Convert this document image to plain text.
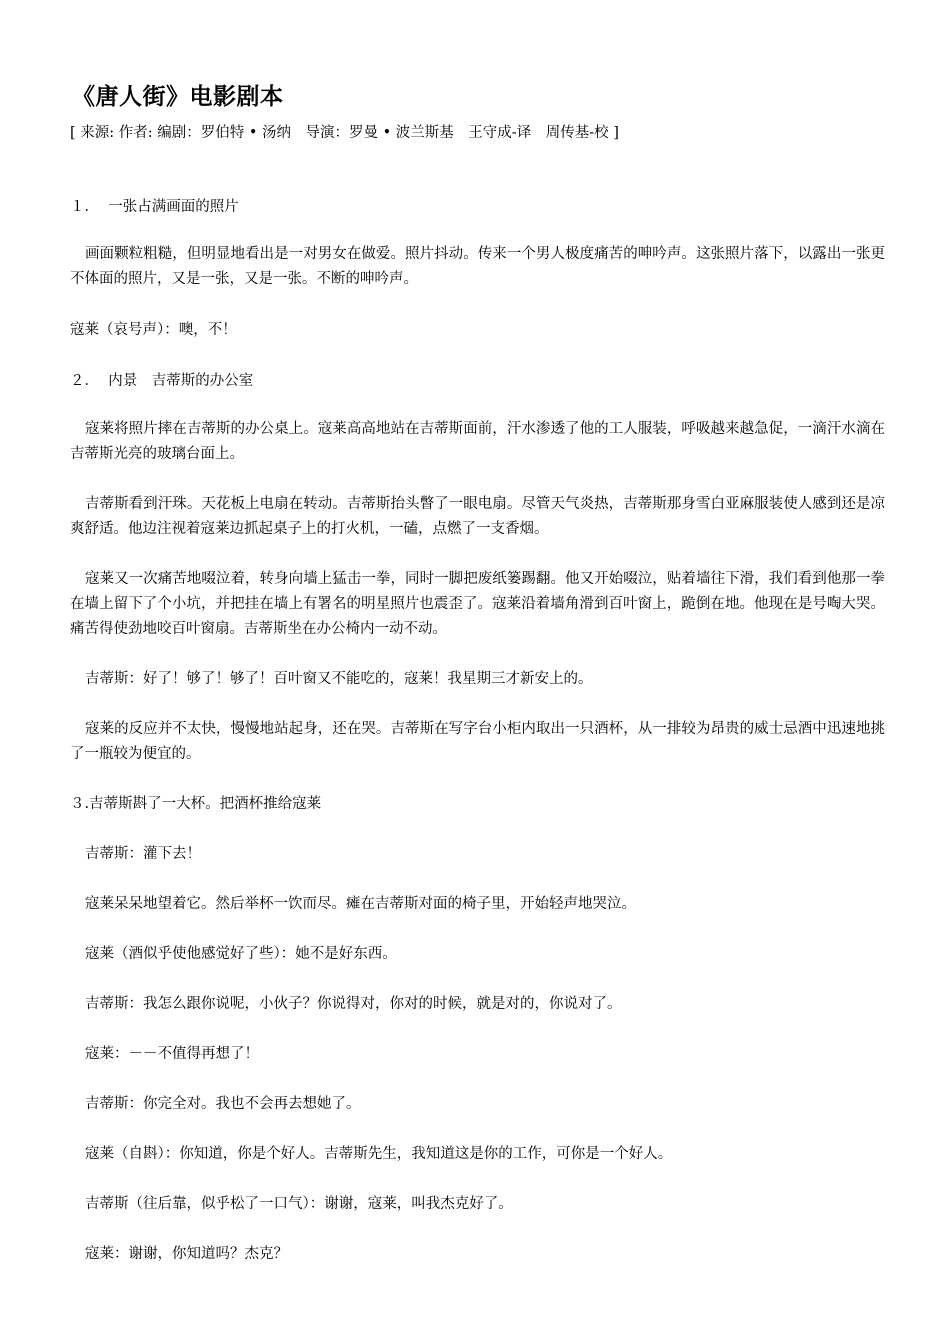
《唐人街》电影剧本
[ 来源: 作者: 编剧：罗伯特 • 汤纳　导演：罗曼 • 波兰斯基　王守成-译　周传基-校 ]
１．  一张占满画面的照片
画面颗粒粗糙，但明显地看出是一对男女在做爱。照片抖动。传来一个男人极度痛苦的呻吟声。这张照片落下，以露出一张更不体面的照片，又是一张，又是一张。不断的呻吟声。
寇莱（哀号声）：噢，不！
２．  内景　吉蒂斯的办公室
寇莱将照片摔在吉蒂斯的办公桌上。寇莱高高地站在吉蒂斯面前，汗水渗透了他的工人服装，呼吸越来越急促，一滴汗水滴在吉蒂斯光亮的玻璃台面上。
吉蒂斯看到汗珠。天花板上电扇在转动。吉蒂斯抬头瞥了一眼电扇。尽管天气炎热，吉蒂斯那身雪白亚麻服装使人感到还是凉爽舒适。他边注视着寇莱边抓起桌子上的打火机，一磕，点燃了一支香烟。
寇莱又一次痛苦地啜泣着，转身向墙上猛击一拳，同时一脚把废纸篓踢翻。他又开始啜泣，贴着墙往下滑，我们看到他那一拳在墙上留下了个小坑，并把挂在墙上有署名的明星照片也震歪了。寇莱沿着墙角滑到百叶窗上，跪倒在地。他现在是号啕大哭。痛苦得使劲地咬百叶窗扇。吉蒂斯坐在办公椅内一动不动。
吉蒂斯：好了！够了！够了！百叶窗又不能吃的，寇莱！我星期三才新安上的。
寇莱的反应并不太快，慢慢地站起身，还在哭。吉蒂斯在写字台小柜内取出一只酒杯，从一排较为昂贵的威士忌酒中迅速地挑了一瓶较为便宜的。
３.吉蒂斯斟了一大杯。把酒杯推给寇莱
吉蒂斯：灌下去！
寇莱呆呆地望着它。然后举杯一饮而尽。瘫在吉蒂斯对面的椅子里，开始轻声地哭泣。
寇莱（酒似乎使他感觉好了些）：她不是好东西。
吉蒂斯：我怎么跟你说呢，小伙子？你说得对，你对的时候，就是对的，你说对了。
寇莱：－－不值得再想了！
吉蒂斯：你完全对。我也不会再去想她了。
寇莱（自斟）：你知道，你是个好人。吉蒂斯先生，我知道这是你的工作，可你是一个好人。
吉蒂斯（往后靠，似乎松了一口气）：谢谢，寇莱，叫我杰克好了。
寇莱：谢谢，你知道吗？杰克？
